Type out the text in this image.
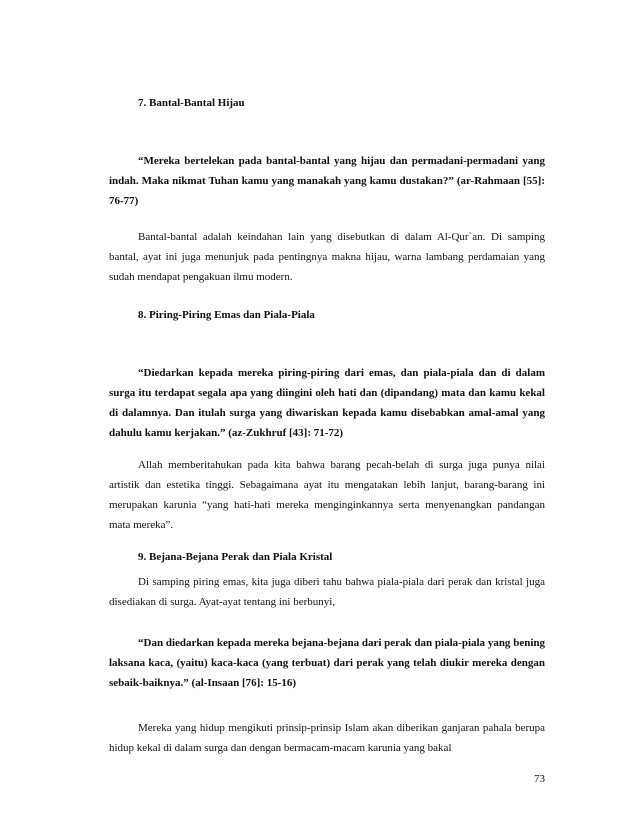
7. Bantal-Bantal Hijau
“Mereka bertelekan pada bantal-bantal yang hijau dan permadani-permadani yang indah. Maka nikmat Tuhan kamu yang manakah yang kamu dustakan?” (ar-Rahmaan [55]: 76-77)
Bantal-bantal adalah keindahan lain yang disebutkan di dalam Al-Qur`an. Di samping bantal, ayat ini juga menunjuk pada pentingnya makna hijau, warna lambang perdamaian yang sudah mendapat pengakuan ilmu modern.
8. Piring-Piring Emas dan Piala-Piala
“Diedarkan kepada mereka piring-piring dari emas, dan piala-piala dan di dalam surga itu terdapat segala apa yang diingini oleh hati dan (dipandang) mata dan kamu kekal di dalamnya. Dan itulah surga yang diwariskan kepada kamu disebabkan amal-amal yang dahulu kamu kerjakan.” (az-Zukhruf [43]: 71-72)
Allah memberitahukan pada kita bahwa barang pecah-belah di surga juga punya nilai artistik dan estetika tinggi. Sebagaimana ayat itu mengatakan lebih lanjut, barang-barang ini merupakan karunia “yang hati-hati mereka menginginkannya serta menyenangkan pandangan mata mereka”.
9. Bejana-Bejana Perak dan Piala Kristal
Di samping piring emas, kita juga diberi tahu bahwa piala-piala dari perak dan kristal juga disediakan di surga. Ayat-ayat tentang ini berbunyi,
“Dan diedarkan kepada mereka bejana-bejana dari perak dan piala-piala yang bening laksana kaca, (yaitu) kaca-kaca (yang terbuat) dari perak yang telah diukir mereka dengan sebaik-baiknya.” (al-Insaan [76]: 15-16)
Mereka yang hidup mengikuti prinsip-prinsip Islam akan diberikan ganjaran pahala berupa hidup kekal di dalam surga dan dengan bermacam-macam karunia yang bakal
73
